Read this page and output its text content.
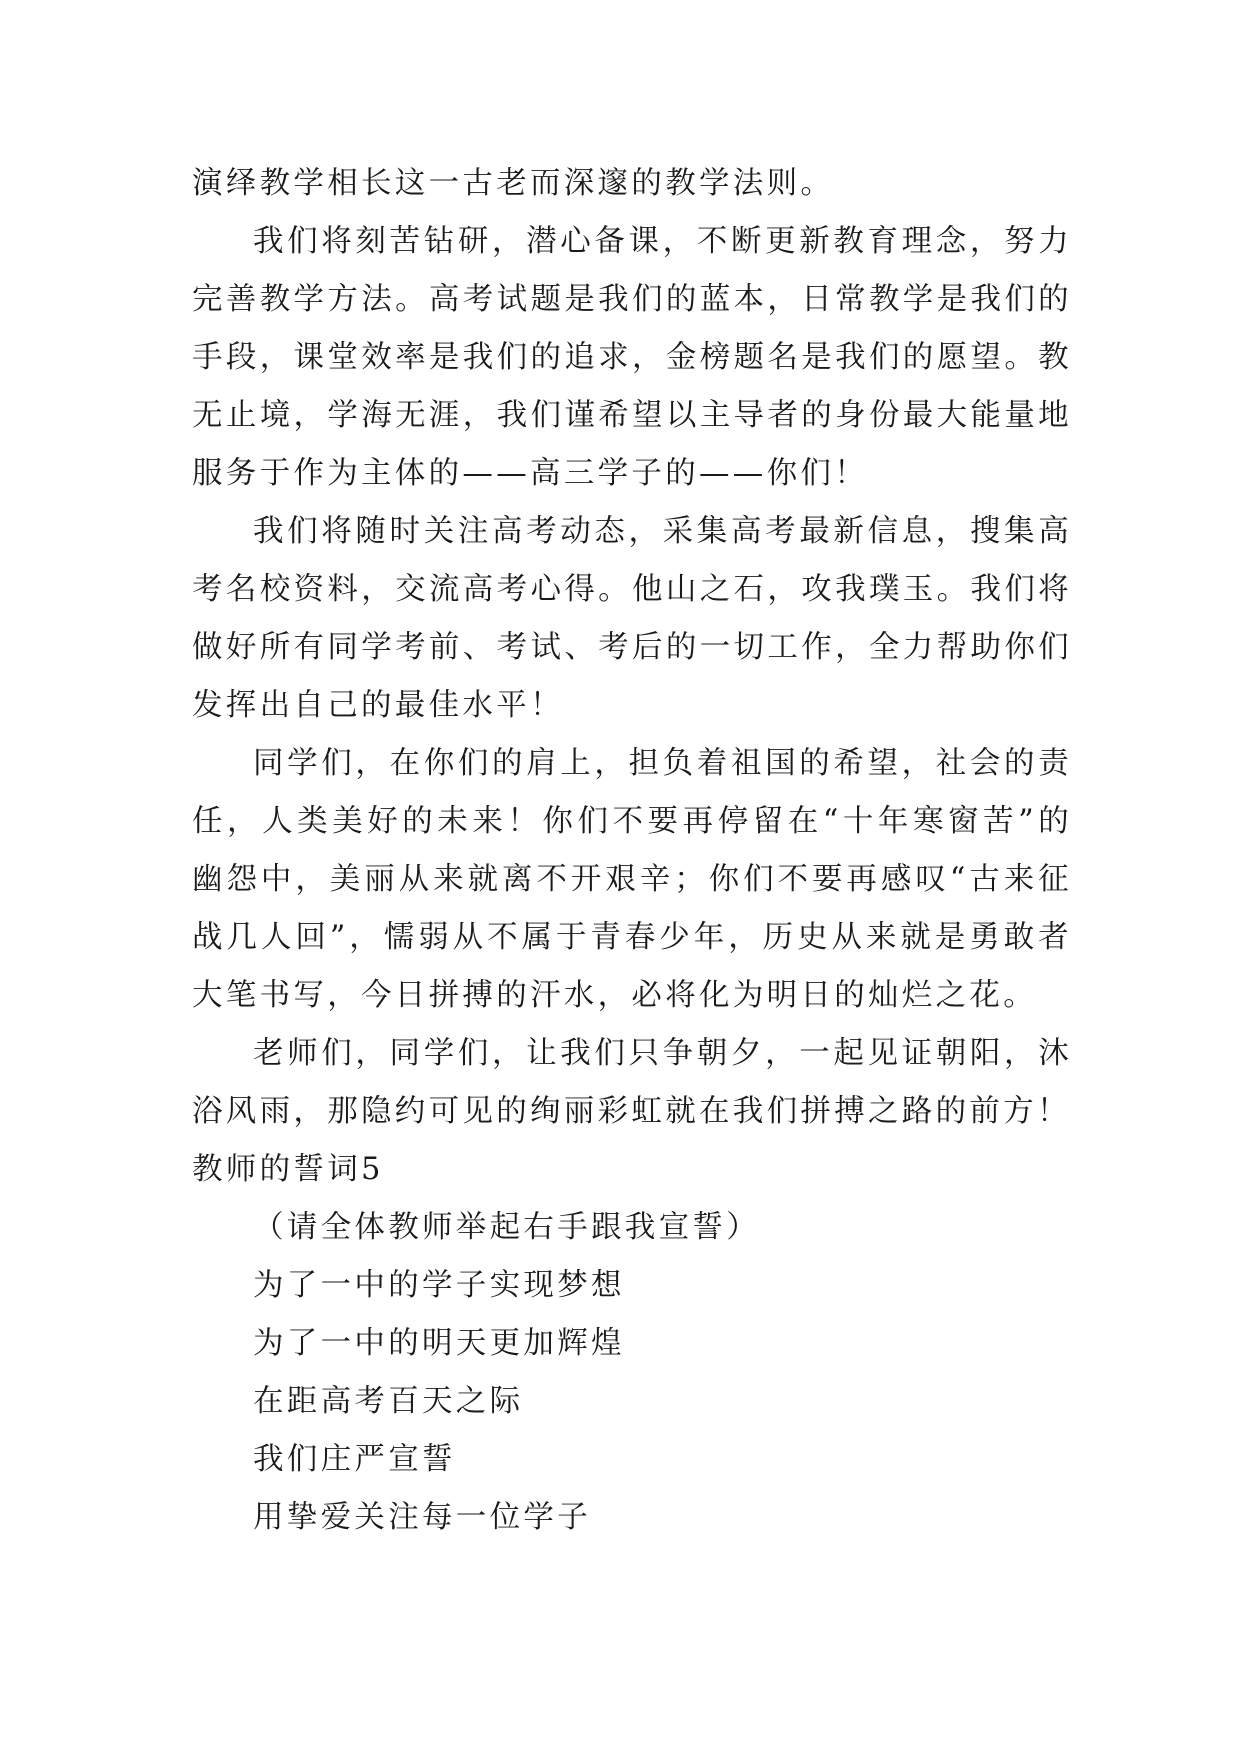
演绎教学相长这一古老而深邃的教学法则。

我们将刻苦钻研，潜心备课，不断更新教育理念，努力完善教学方法。高考试题是我们的蓝本，日常教学是我们的手段，课堂效率是我们的追求，金榜题名是我们的愿望。教无止境，学海无涯，我们谨希望以主导者的身份最大能量地服务于作为主体的——高三学子的——你们！

我们将随时关注高考动态，采集高考最新信息，搜集高考名校资料，交流高考心得。他山之石，攻我璞玉。我们将做好所有同学考前、考试、考后的一切工作，全力帮助你们发挥出自己的最佳水平！

同学们，在你们的肩上，担负着祖国的希望，社会的责任，人类美好的未来！你们不要再停留在“十年寒窗苦”的幽怨中，美丽从来就离不开艰辛；你们不要再感叹“古来征战几人回”，懦弱从不属于青春少年，历史从来就是勇敢者大笔书写，今日拼搏的汗水，必将化为明日的灿烂之花。

老师们，同学们，让我们只争朝夕，一起见证朝阳，沐浴风雨，那隐约可见的绚丽彩虹就在我们拼搏之路的前方！

教师的誓词5

（请全体教师举起右手跟我宣誓）

为了一中的学子实现梦想

为了一中的明天更加辉煌

在距高考百天之际

我们庄严宣誓

用挚爱关注每一位学子
